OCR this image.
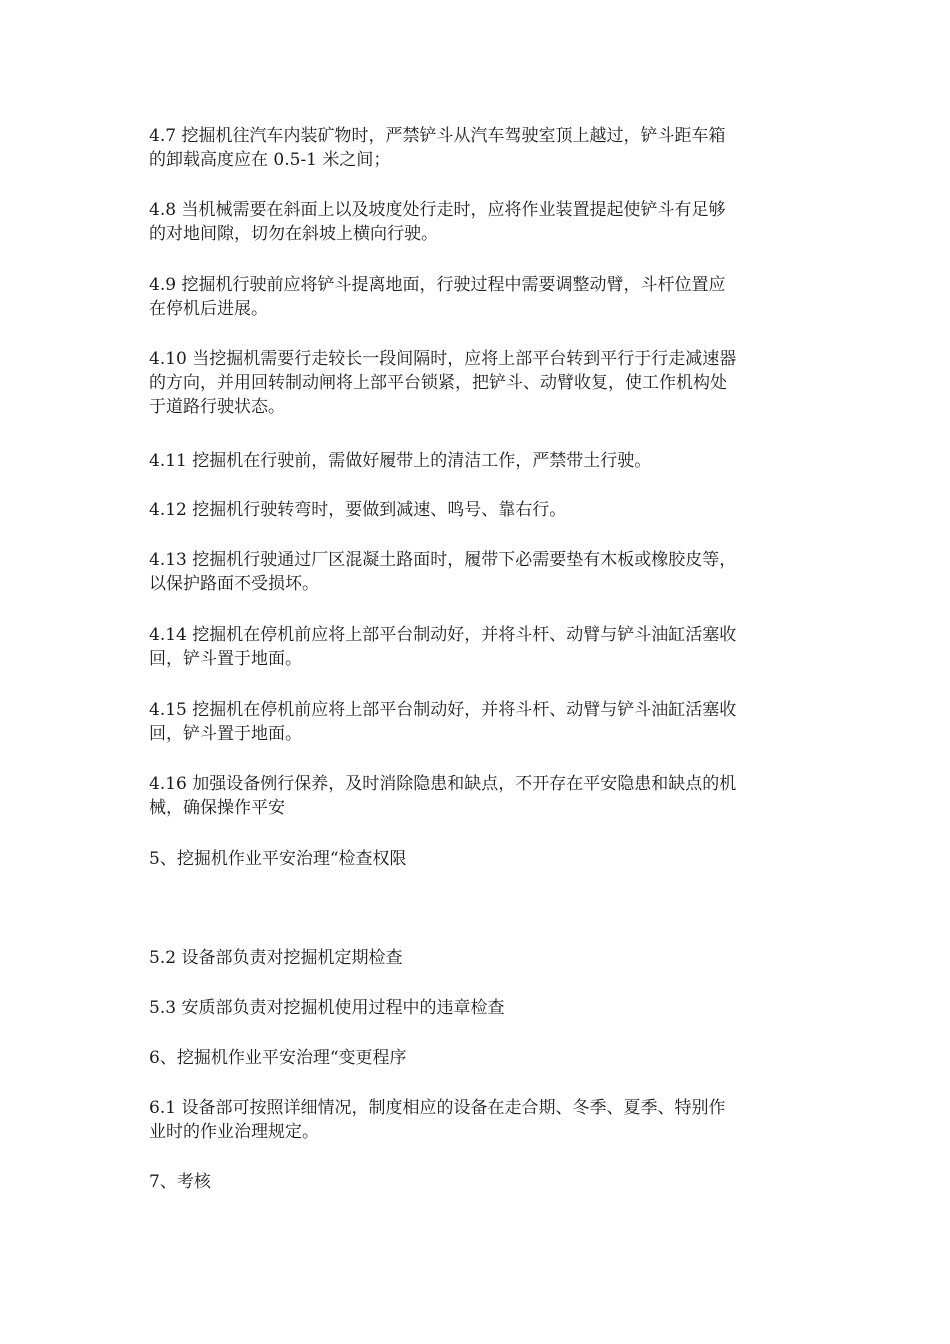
4.7 挖掘机往汽车内装矿物时，严禁铲斗从汽车驾驶室顶上越过，铲斗距车箱
的卸载高度应在 0.5-1 米之间；

4.8 当机械需要在斜面上以及坡度处行走时，应将作业装置提起使铲斗有足够
的对地间隙，切勿在斜坡上横向行驶。

4.9 挖掘机行驶前应将铲斗提离地面，行驶过程中需要调整动臂，斗杆位置应
在停机后进展。

4.10 当挖掘机需要行走较长一段间隔时，应将上部平台转到平行于行走减速器
的方向，并用回转制动闸将上部平台锁紧，把铲斗、动臂收复，使工作机构处
于道路行驶状态。

4.11 挖掘机在行驶前，需做好履带上的清洁工作，严禁带土行驶。

4.12 挖掘机行驶转弯时，要做到减速、鸣号、靠右行。

4.13 挖掘机行驶通过厂区混凝土路面时，履带下必需要垫有木板或橡胶皮等，
以保护路面不受损坏。

4.14 挖掘机在停机前应将上部平台制动好，并将斗杆、动臂与铲斗油缸活塞收
回，铲斗置于地面。

4.15 挖掘机在停机前应将上部平台制动好，并将斗杆、动臂与铲斗油缸活塞收
回，铲斗置于地面。

4.16 加强设备例行保养，及时消除隐患和缺点，不开存在平安隐患和缺点的机
械，确保操作平安

5、挖掘机作业平安治理“检查权限

5.2 设备部负责对挖掘机定期检查

5.3 安质部负责对挖掘机使用过程中的违章检查

6、挖掘机作业平安治理“变更程序

6.1 设备部可按照详细情况，制度相应的设备在走合期、冬季、夏季、特别作
业时的作业治理规定。

7、考核
